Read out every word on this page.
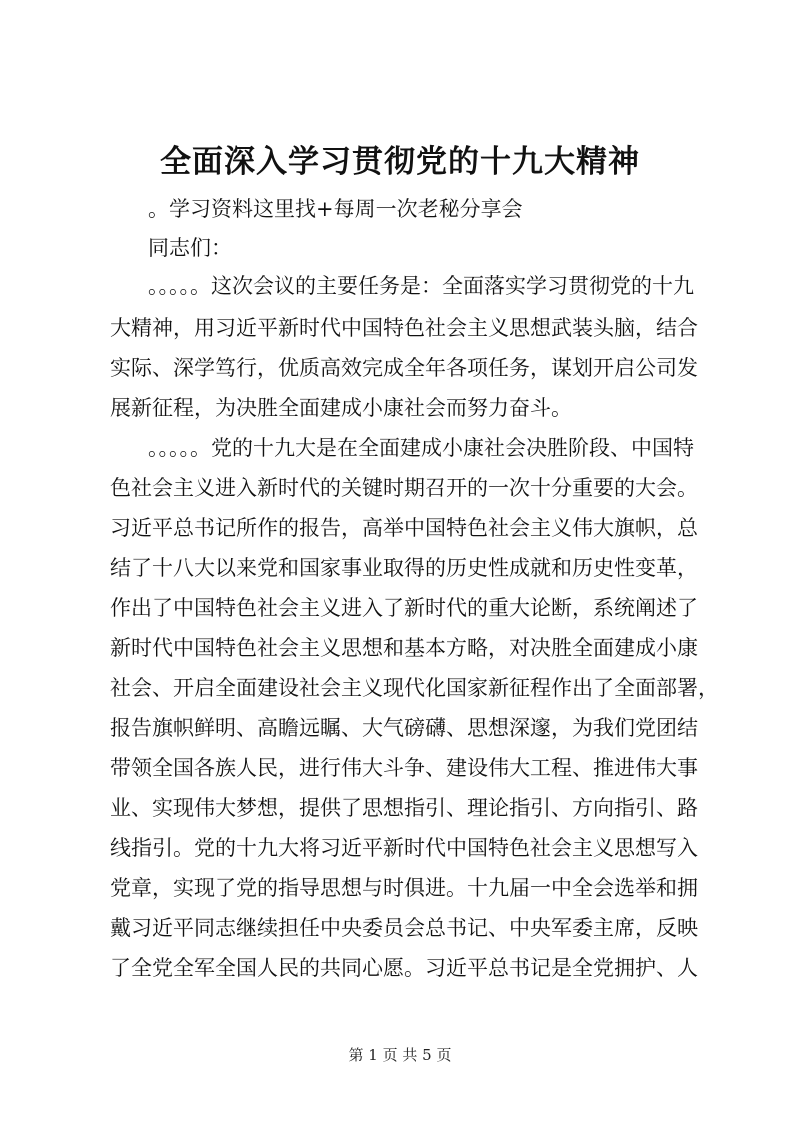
全面深入学习贯彻党的十九大精神
。学习资料这里找+每周一次老秘分享会
同志们：
。。。。。这次会议的主要任务是：全面落实学习贯彻党的十九
大精神，用习近平新时代中国特色社会主义思想武装头脑，结合
实际、深学笃行，优质高效完成全年各项任务，谋划开启公司发
展新征程，为决胜全面建成小康社会而努力奋斗。
。。。。。党的十九大是在全面建成小康社会决胜阶段、中国特
色社会主义进入新时代的关键时期召开的一次十分重要的大会。
习近平总书记所作的报告，高举中国特色社会主义伟大旗帜，总
结了十八大以来党和国家事业取得的历史性成就和历史性变革，
作出了中国特色社会主义进入了新时代的重大论断，系统阐述了
新时代中国特色社会主义思想和基本方略，对决胜全面建成小康
社会、开启全面建设社会主义现代化国家新征程作出了全面部署，
报告旗帜鲜明、高瞻远瞩、大气磅礴、思想深邃，为我们党团结
带领全国各族人民，进行伟大斗争、建设伟大工程、推进伟大事
业、实现伟大梦想，提供了思想指引、理论指引、方向指引、路
线指引。党的十九大将习近平新时代中国特色社会主义思想写入
党章，实现了党的指导思想与时俱进。十九届一中全会选举和拥
戴习近平同志继续担任中央委员会总书记、中央军委主席，反映
了全党全军全国人民的共同心愿。习近平总书记是全党拥护、人
第 1 页 共 5 页
